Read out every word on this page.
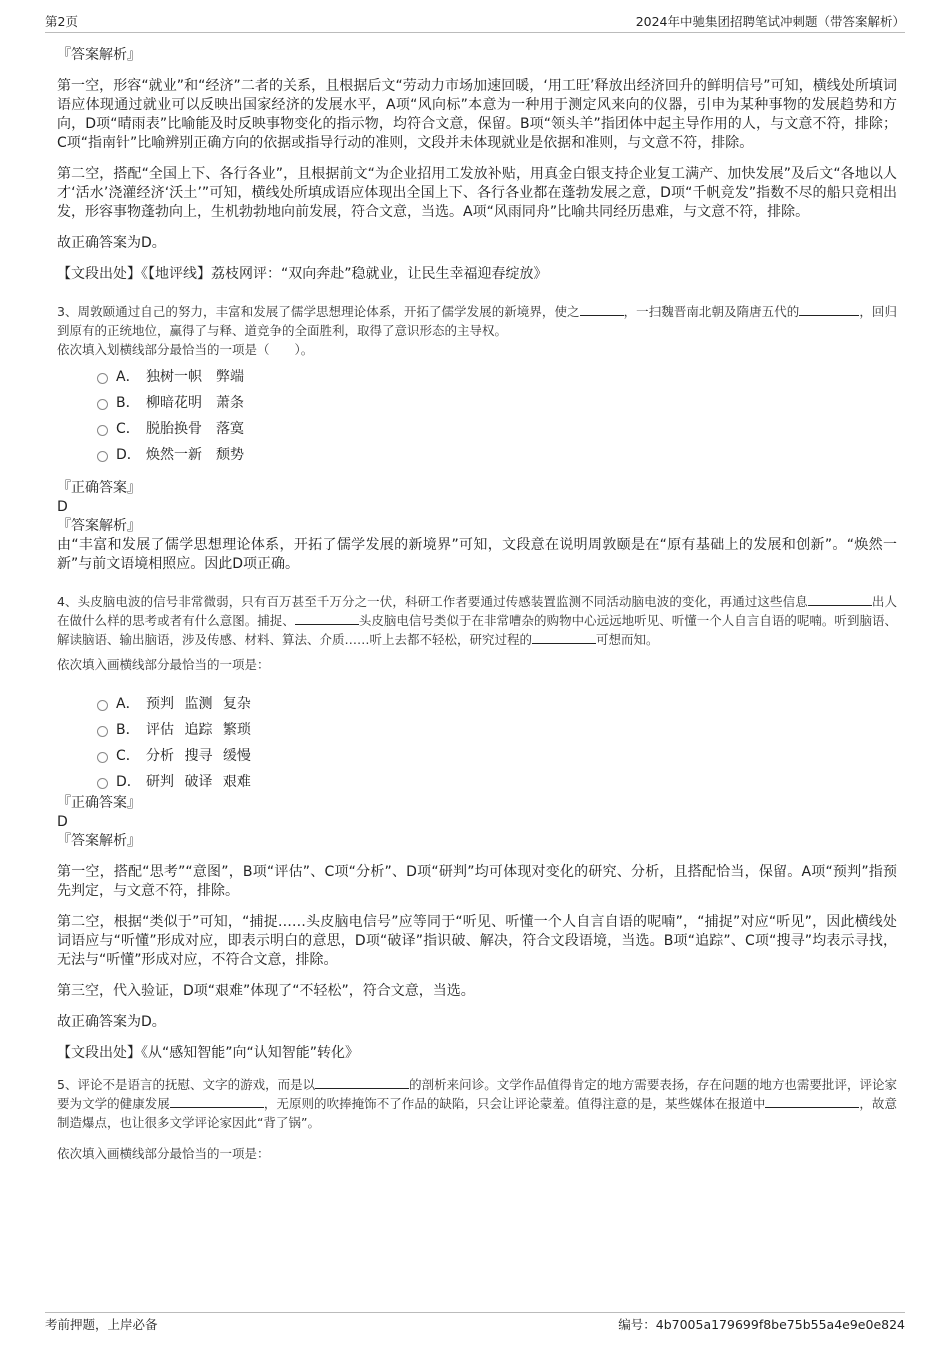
第2页	2024年中驰集团招聘笔试冲刺题（带答案解析）

『答案解析』

第一空，形容“就业”和“经济”二者的关系，且根据后文“劳动力市场加速回暖，‘用工旺’释放出经济回升的鲜明信号”可知，横线处所填词语应体现通过就业可以反映出国家经济的发展水平，A项“风向标”本意为一种用于测定风来向的仪器，引申为某种事物的发展趋势和方向，D项“晴雨表”比喻能及时反映事物变化的指示物，均符合文意，保留。B项“领头羊”指团体中起主导作用的人，与文意不符，排除；C项“指南针”比喻辨别正确方向的依据或指导行动的准则，文段并未体现就业是依据和准则，与文意不符，排除。

第二空，搭配“全国上下、各行各业”，且根据前文“为企业招用工发放补贴，用真金白银支持企业复工满产、加快发展”及后文“各地以人才‘活水’浇灌经济‘沃土’”可知，横线处所填成语应体现出全国上下、各行各业都在蓬勃发展之意，D项“千帆竞发”指数不尽的船只竞相出发，形容事物蓬勃向上，生机勃勃地向前发展，符合文意，当选。A项“风雨同舟”比喻共同经历患难，与文意不符，排除。

故正确答案为D。

【文段出处】《【地评线】荔枝网评：“双向奔赴”稳就业，让民生幸福迎春绽放》

3、周敦颐通过自己的努力，丰富和发展了儒学思想理论体系，开拓了儒学发展的新境界，使之	，一扫魏晋南北朝及隋唐五代的	，回归到原有的正统地位，赢得了与释、道竞争的全面胜利，取得了意识形态的主导权。

依次填入划横线部分最恰当的一项是（　　）。

A． 独树一帜　弊端
B． 柳暗花明　萧条
C． 脱胎换骨　落寞
D． 焕然一新　颓势

『正确答案』

D

『答案解析』

由“丰富和发展了儒学思想理论体系，开拓了儒学发展的新境界”可知，文段意在说明周敦颐是在“原有基础上的发展和创新”。“焕然一新”与前文语境相照应。因此D项正确。

4、头皮脑电波的信号非常微弱，只有百万甚至千万分之一伏，科研工作者要通过传感装置监测不同活动脑电波的变化，再通过这些信息	出人在做什么样的思考或者有什么意图。捕捉、	头皮脑电信号类似于在非常嘈杂的购物中心远远地听见、听懂一个人自言自语的呢喃。听到脑语、解读脑语、输出脑语，涉及传感、材料、算法、介质……听上去都不轻松，研究过程的	可想而知。

依次填入画横线部分最恰当的一项是：

A． 预判 监测 复杂
B． 评估 追踪 繁琐
C． 分析 搜寻 缓慢
D． 研判 破译 艰难

『正确答案』

D

『答案解析』

第一空，搭配“思考”“意图”，B项“评估”、C项“分析”、D项“研判”均可体现对变化的研究、分析，且搭配恰当，保留。A项“预判”指预先判定，与文意不符，排除。

第二空，根据“类似于”可知，“捕捉……头皮脑电信号”应等同于“听见、听懂一个人自言自语的呢喃”，“捕捉”对应“听见”，因此横线处词语应与“听懂”形成对应，即表示明白的意思，D项“破译”指识破、解决，符合文段语境，当选。B项“追踪”、C项“搜寻”均表示寻找，无法与“听懂”形成对应，不符合文意，排除。

第三空，代入验证，D项“艰难”体现了“不轻松”，符合文意，当选。

故正确答案为D。

【文段出处】《从“感知智能”向“认知智能”转化》

5、评论不是语言的抚慰、文字的游戏，而是以	的剖析来问诊。文学作品值得肯定的地方需要表扬，存在问题的地方也需要批评，评论家要为文学的健康发展	，无原则的吹捧掩饰不了作品的缺陷，只会让评论蒙羞。值得注意的是，某些媒体在报道中	，故意制造爆点，也让很多文学评论家因此“背了锅”。

依次填入画横线部分最恰当的一项是：

考前押题，上岸必备	编号：4b7005a179699f8be75b55a4e9e0e824
